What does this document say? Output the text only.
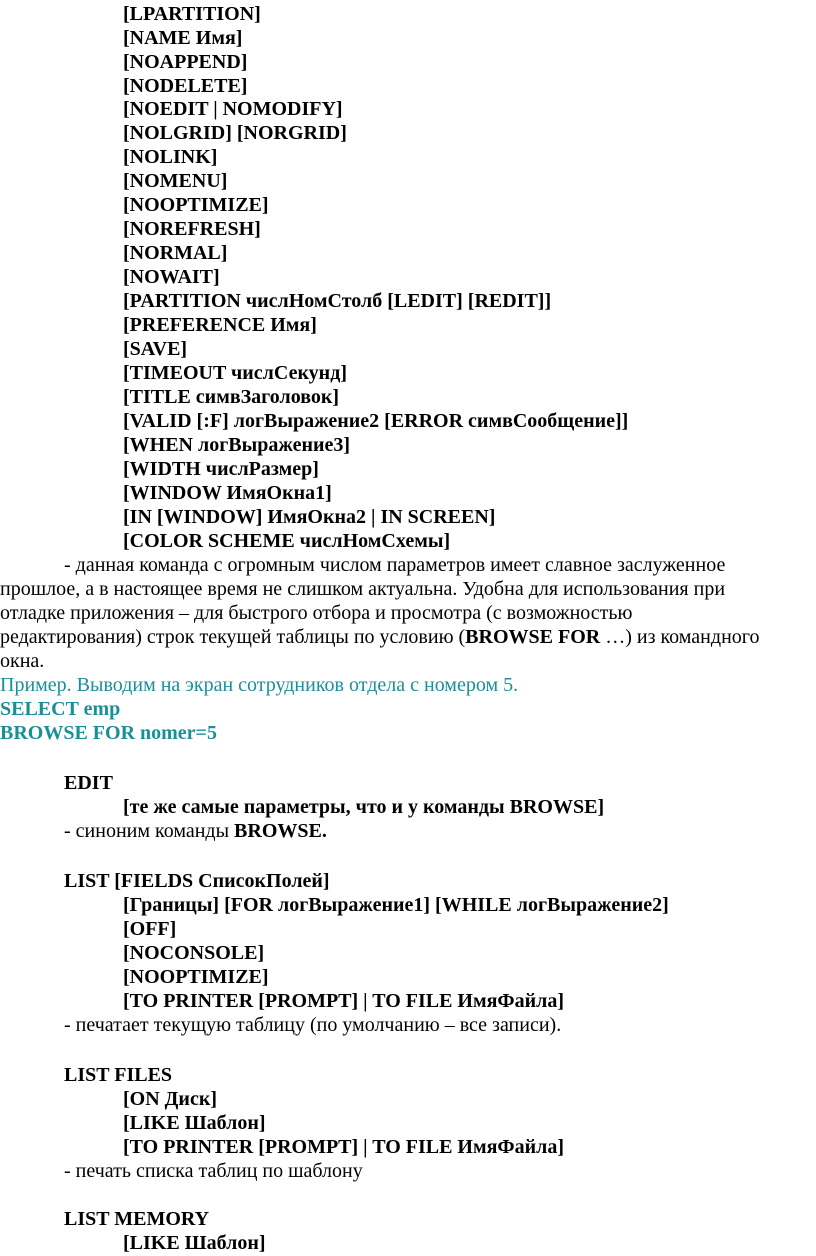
[LPARTITION]
[NAME Имя]
[NOAPPEND]
[NODELETE]
[NOEDIT | NOMODIFY]
[NOLGRID] [NORGRID]
[NOLINK]
[NOMENU]
[NOOPTIMIZE]
[NOREFRESH]
[NORMAL]
[NOWAIT]
[PARTITION числНомСтолб [LEDIT] [REDIT]]
[PREFERENCE Имя]
[SAVE]
[TIMEOUT числСекунд]
[TITLE симвЗаголовок]
[VALID [:F] логВыражение2 [ERROR симвСообщение]]
[WHEN логВыражение3]
[WIDTH числРазмер]
[WINDOW ИмяОкна1]
[IN [WINDOW] ИмяОкна2 | IN SCREEN]
[COLOR SCHEME числНомСхемы]
- данная команда с огромным числом параметров имеет славное заслуженное
прошлое, а в настоящее время не слишком актуальна. Удобна для использования при
отладке приложения – для быстрого отбора и просмотра (с возможностью
редактирования) строк текущей таблицы по условию (BROWSE FOR …) из командного
окна.
Пример. Выводим на экран сотрудников отдела с номером 5.
SELECT emp
BROWSE FOR nomer=5
EDIT
[те же самые параметры, что и у команды BROWSE]
- синоним команды BROWSE.
LIST [FIELDS СписокПолей]
[Границы] [FOR логВыражение1] [WHILE логВыражение2]
[OFF]
[NOCONSOLE]
[NOOPTIMIZE]
[TO PRINTER [PROMPT] | TO FILE ИмяФайла]
- печатает текущую таблицу (по умолчанию – все записи).
LIST FILES
[ON Диск]
[LIKE Шаблон]
[TO PRINTER [PROMPT] | TO FILE ИмяФайла]
- печать списка таблиц по шаблону
LIST MEMORY
[LIKE Шаблон]
